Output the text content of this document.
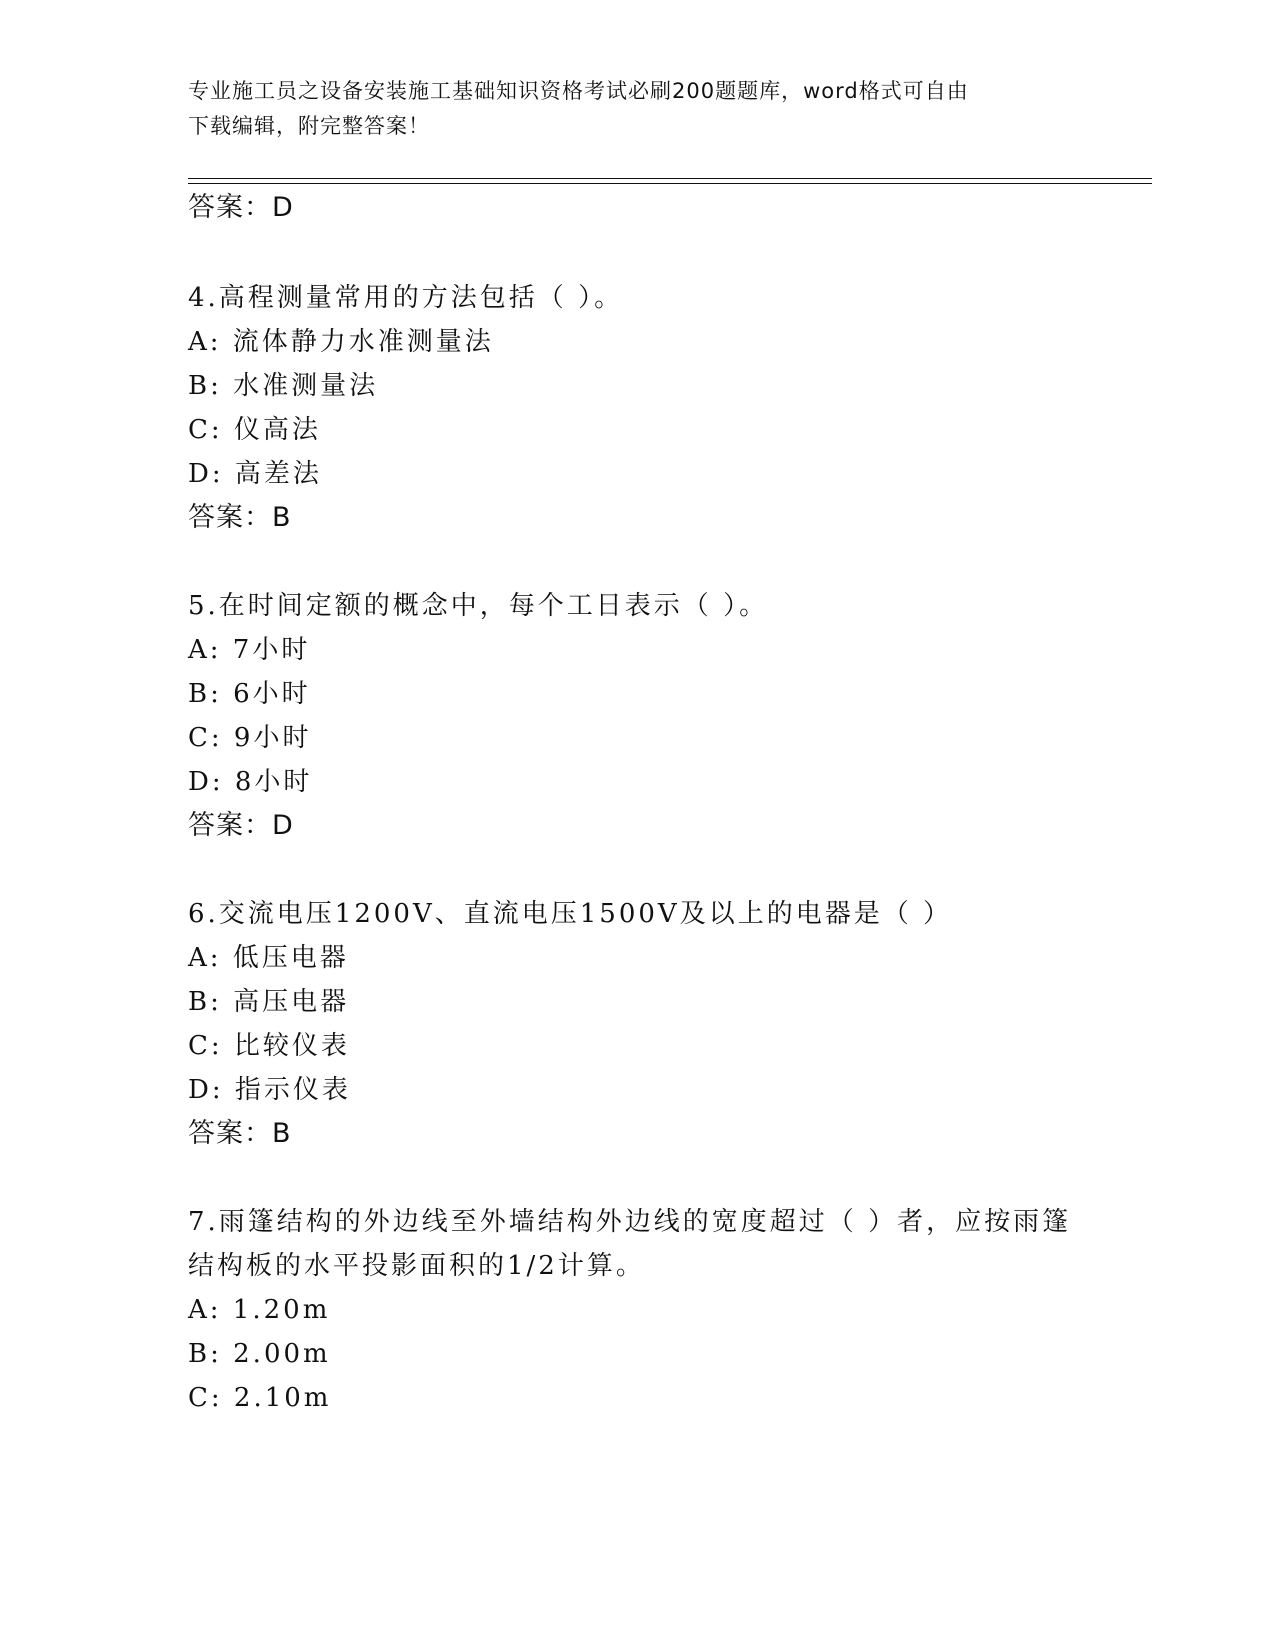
专业施工员之设备安装施工基础知识资格考试必刷200题题库，word格式可自由
下载编辑，附完整答案！
答案：D
4.高程测量常用的方法包括（ ）。
A: 流体静力水准测量法
B: 水准测量法
C: 仪高法
D: 高差法
答案：B
5.在时间定额的概念中，每个工日表示（ ）。
A: 7小时
B: 6小时
C: 9小时
D: 8小时
答案：D
6.交流电压1200V、直流电压1500V及以上的电器是（ ）
A: 低压电器
B: 高压电器
C: 比较仪表
D: 指示仪表
答案：B
7.雨篷结构的外边线至外墙结构外边线的宽度超过（ ）者，应按雨篷
结构板的水平投影面积的1/2计算。
A: 1.20m
B: 2.00m
C: 2.10m
